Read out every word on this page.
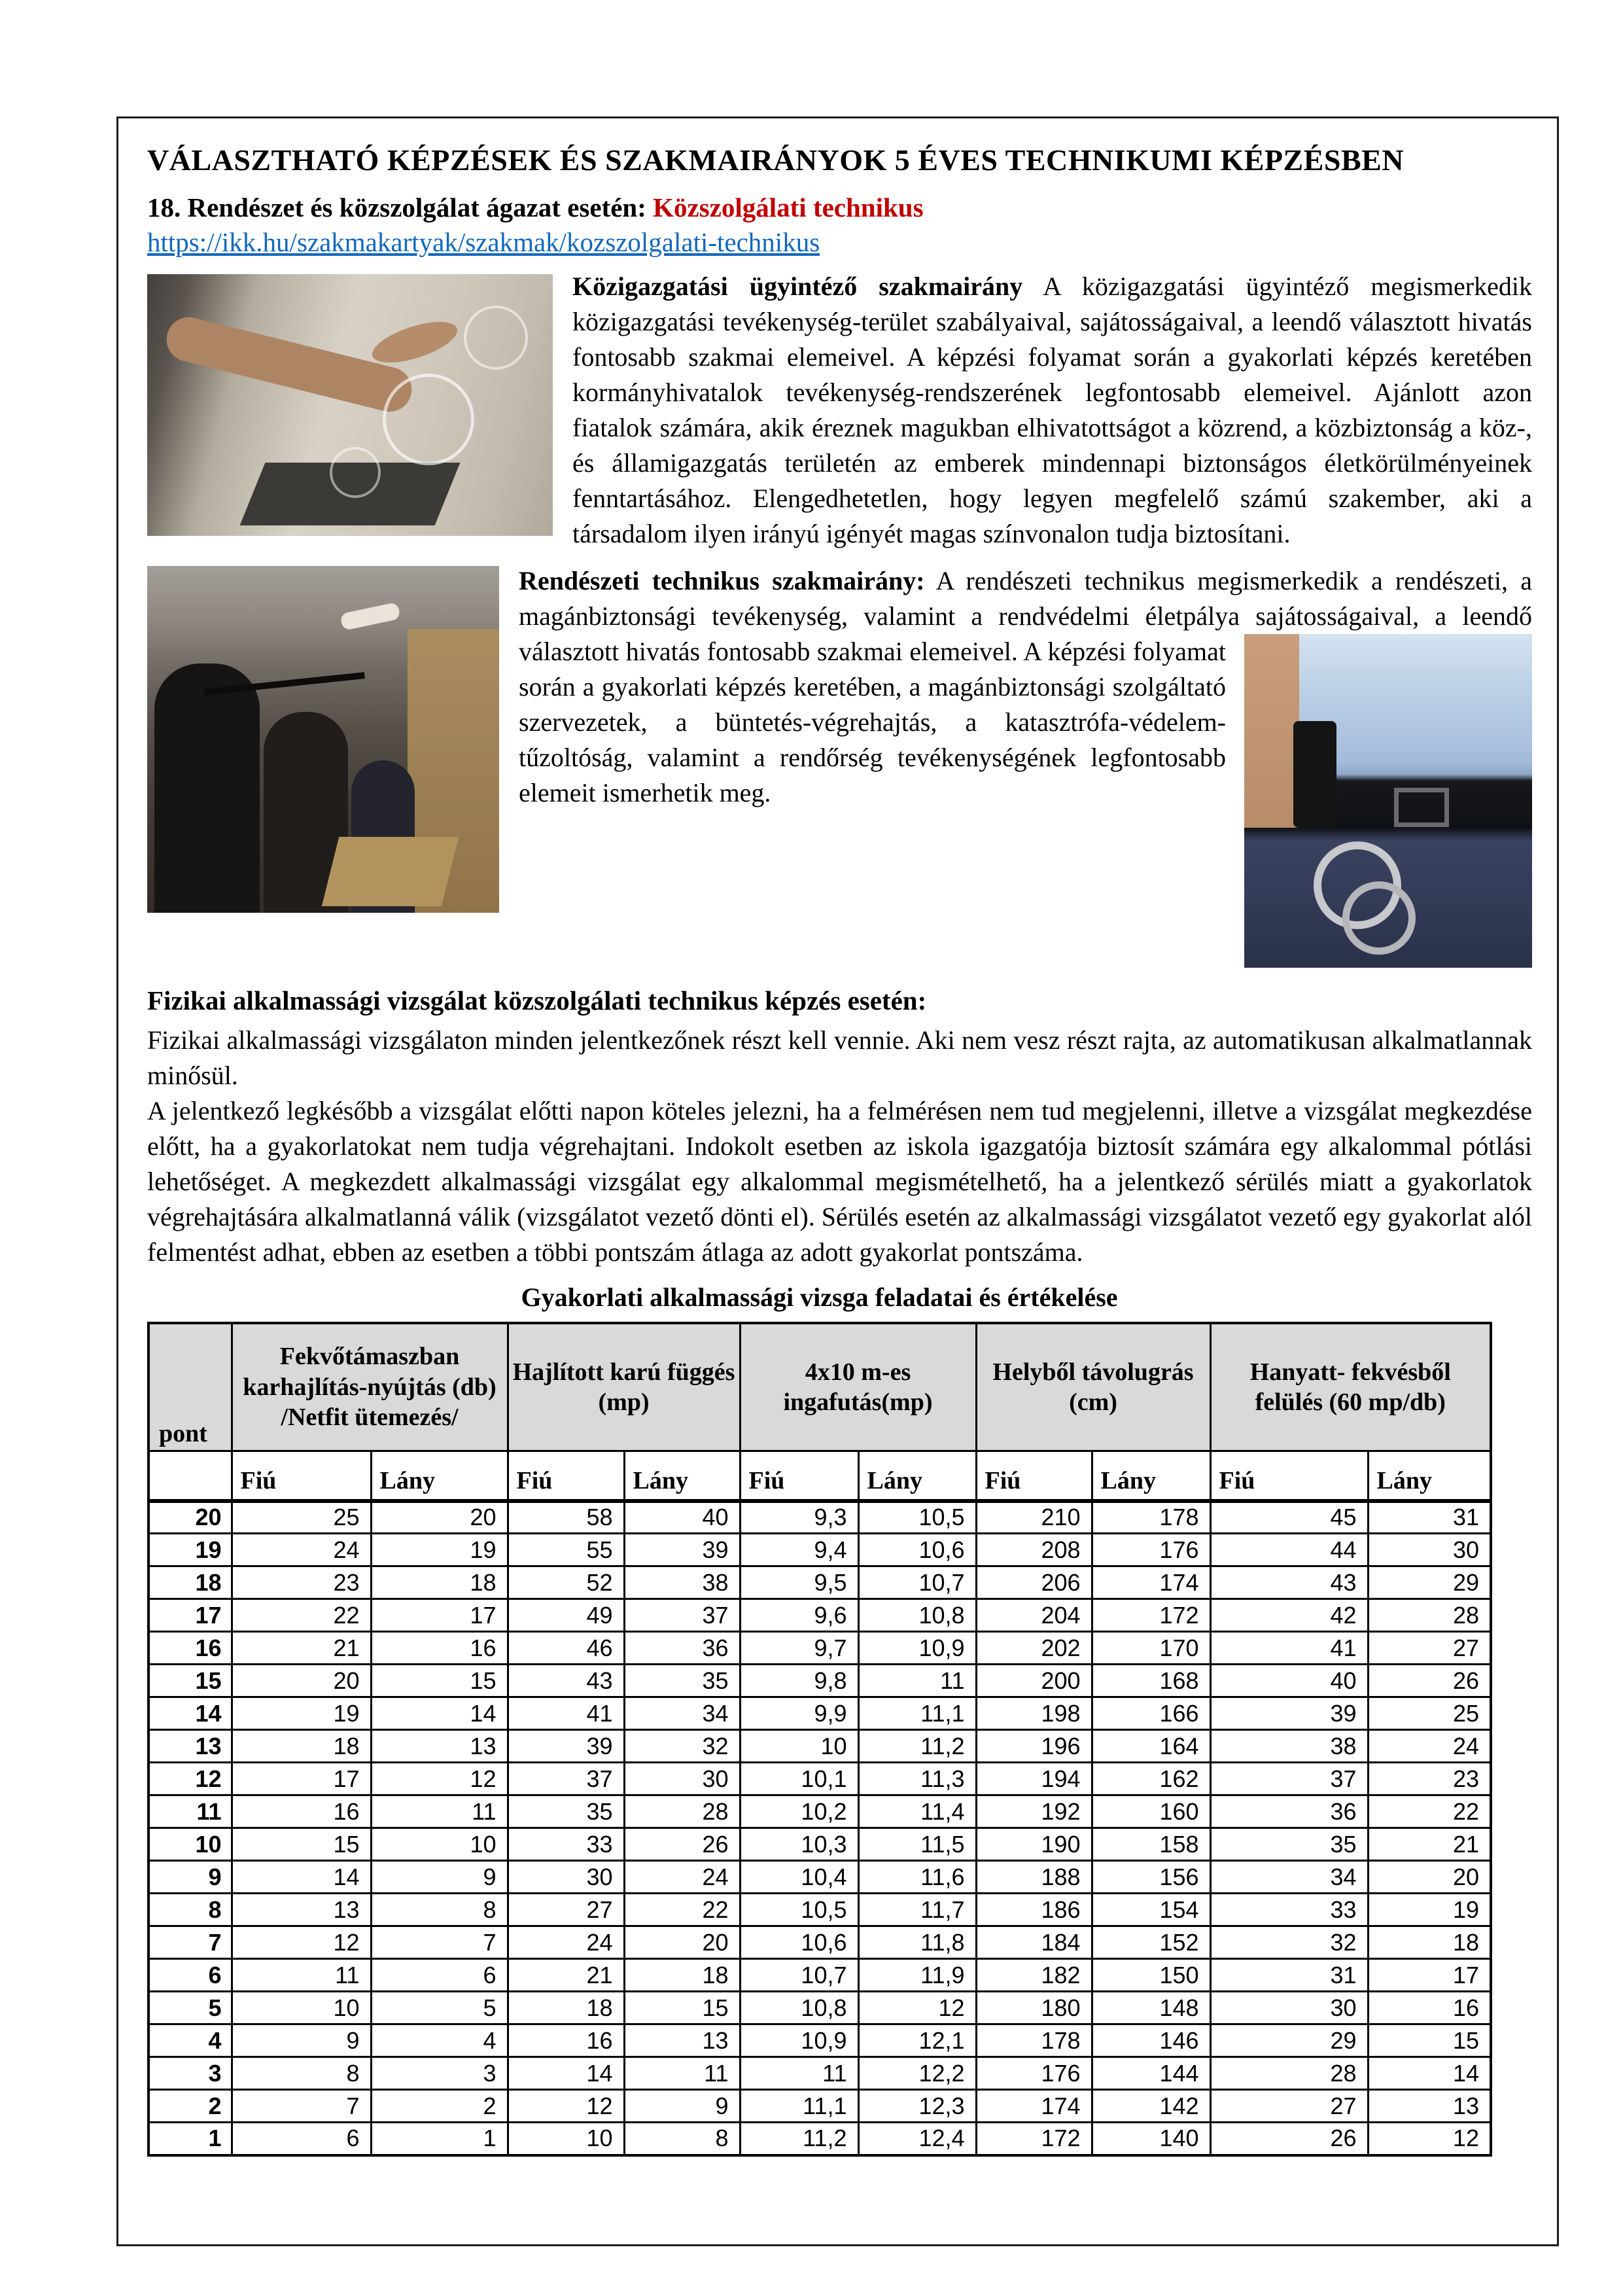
VÁLASZTHATÓ KÉPZÉSEK ÉS SZAKMAIRÁNYOK 5 ÉVES TECHNIKUMI KÉPZÉSBEN

18. Rendészet és közszolgálat ágazat esetén: Közszolgálati technikus

https://ikk.hu/szakmakartyak/szakmak/kozszolgalati-technikus
Közigazgatási ügyintéző szakmairány A közigazgatási ügyintéző megismerkedik közigazgatási tevékenység-terület szabályaival, sajátosságaival, a leendő választott hivatás fontosabb szakmai elemeivel. A képzési folyamat során a gyakorlati képzés keretében kormányhivatalok tevékenység-rendszerének legfontosabb elemeivel. Ajánlott azon fiatalok számára, akik éreznek magukban elhivatottságot a közrend, a közbiztonság a köz-, és államigazgatás területén az emberek mindennapi biztonságos életkörülményeinek fenntartásához. Elengedhetetlen, hogy legyen megfelelő számú szakember, aki a társadalom ilyen irányú igényét magas színvonalon tudja biztosítani.
Rendészeti technikus szakmairány: A rendészeti technikus megismerkedik a rendészeti, a magánbiztonsági tevékenység, valamint a rendvédelmi életpálya sajátosságaival, a leendő választott hivatás fontosabb szakmai elemeivel. A képzési folyamat során a gyakorlati képzés keretében, a magánbiztonsági szolgáltató szervezetek, a büntetés-végrehajtás, a katasztrófa-védelem-tűzoltóság, valamint a rendőrség tevékenységének legfontosabb elemeit ismerhetik meg.

Fizikai alkalmassági vizsgálat közszolgálati technikus képzés esetén:

Fizikai alkalmassági vizsgálaton minden jelentkezőnek részt kell vennie. Aki nem vesz részt rajta, az automatikusan alkalmatlannak minősül.

A jelentkező legkésőbb a vizsgálat előtti napon köteles jelezni, ha a felmérésen nem tud megjelenni, illetve a vizsgálat megkezdése előtt, ha a gyakorlatokat nem tudja végrehajtani. Indokolt esetben az iskola igazgatója biztosít számára egy alkalommal pótlási lehetőséget. A megkezdett alkalmassági vizsgálat egy alkalommal megismételhető, ha a jelentkező sérülés miatt a gyakorlatok végrehajtására alkalmatlanná válik (vizsgálatot vezető dönti el). Sérülés esetén az alkalmassági vizsgálatot vezető egy gyakorlat alól felmentést adhat, ebben az esetben a többi pontszám átlaga az adott gyakorlat pontszáma.

Gyakorlati alkalmassági vizsga feladatai és értékelése

pont	Fekvőtámaszban karhajlítás-nyújtás (db) /Netfit ütemezés/		Hajlított karú függés (mp)		4x10 m-es ingafutás(mp)		Helyből távolugrás (cm)		Hanyatt- fekvésből felülés (60 mp/db)	
	Fiú	Lány	Fiú	Lány	Fiú	Lány	Fiú	Lány	Fiú	Lány
20	25	20	58	40	9,3	10,5	210	178	45	31
19	24	19	55	39	9,4	10,6	208	176	44	30
18	23	18	52	38	9,5	10,7	206	174	43	29
17	22	17	49	37	9,6	10,8	204	172	42	28
16	21	16	46	36	9,7	10,9	202	170	41	27
15	20	15	43	35	9,8	11	200	168	40	26
14	19	14	41	34	9,9	11,1	198	166	39	25
13	18	13	39	32	10	11,2	196	164	38	24
12	17	12	37	30	10,1	11,3	194	162	37	23
11	16	11	35	28	10,2	11,4	192	160	36	22
10	15	10	33	26	10,3	11,5	190	158	35	21
9	14	9	30	24	10,4	11,6	188	156	34	20
8	13	8	27	22	10,5	11,7	186	154	33	19
7	12	7	24	20	10,6	11,8	184	152	32	18
6	11	6	21	18	10,7	11,9	182	150	31	17
5	10	5	18	15	10,8	12	180	148	30	16
4	9	4	16	13	10,9	12,1	178	146	29	15
3	8	3	14	11	11	12,2	176	144	28	14
2	7	2	12	9	11,1	12,3	174	142	27	13
1	6	1	10	8	11,2	12,4	172	140	26	12
